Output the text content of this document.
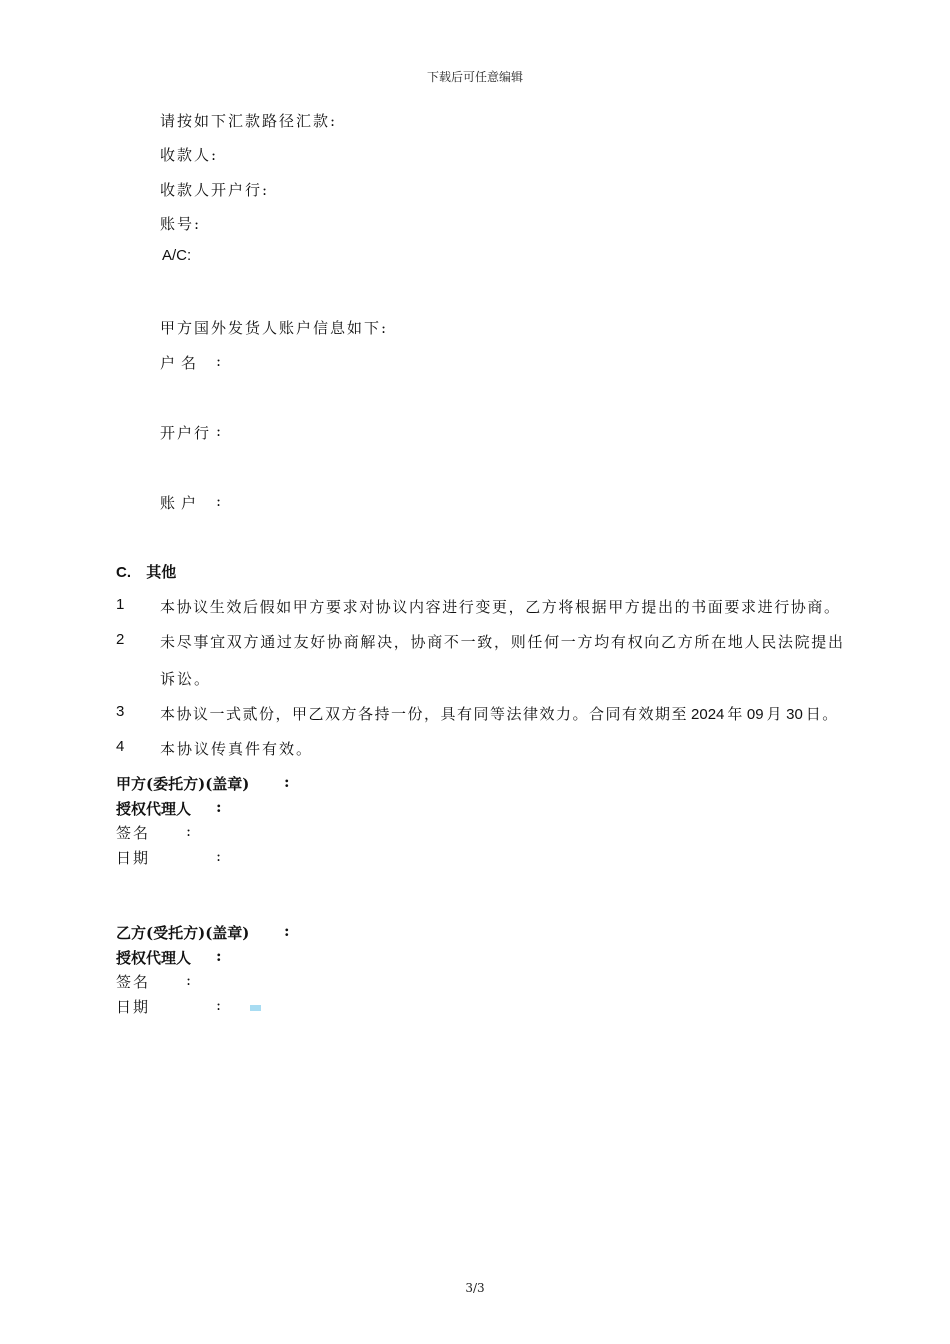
下载后可任意编辑
请按如下汇款路径汇款:
收款人:
收款人开户行:
账号:
A/C:
甲方国外发货人账户信息如下:
户名 :
开户行 :
账户 :
C. 其他
1 本协议生效后假如甲方要求对协议内容进行变更，乙方将根据甲方提出的书面要求进行协商。
2 未尽事宜双方通过友好协商解决，协商不一致，则任何一方均有权向乙方所在地人民法院提出
诉讼。
3 本协议一式贰份，甲乙双方各持一份，具有同等法律效力。合同有效期至 2024 年 09 月 30 日。
4 本协议传真件有效。
甲方(委托方)(盖章) :
授权代理人 :
签名 :
日期	:
乙方(受托方)(盖章) :
授权代理人 :
签名 :
日期	:
3/3
